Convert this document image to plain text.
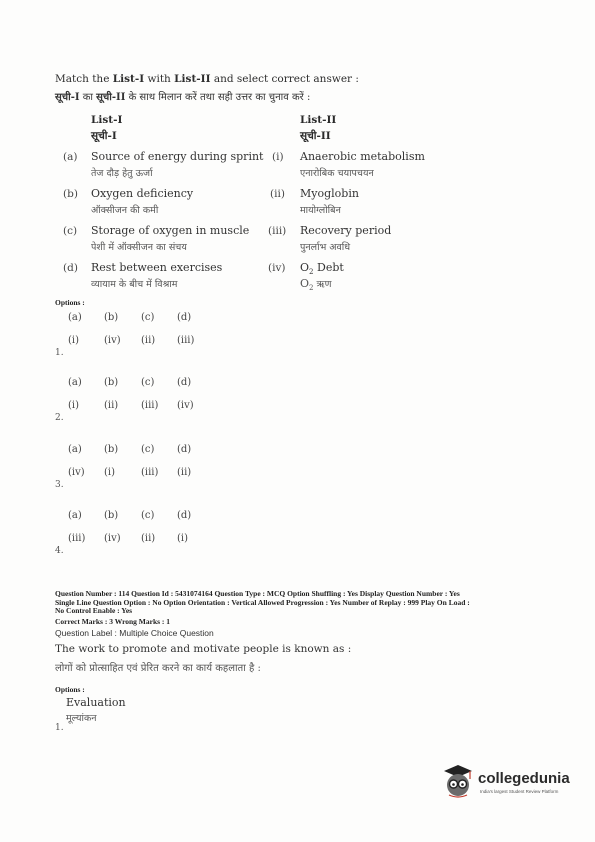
Match the List-I with List-II and select correct answer :
सूची-I का सूची-II के साथ मिलान करें तथा सही उत्तर का चुनाव करें :
List-I
सूची-I
List-II
सूची-II
(a) Source of energy during sprint
तेज दौड़ हेतु ऊर्जा
(i) Anaerobic metabolism
एनारोबिक चयापचयन
(b) Oxygen deficiency
ऑक्सीजन की कमी
(ii) Myoglobin
मायोग्लोबिन
(c) Storage of oxygen in muscle
पेशी में ऑक्सीजन का संचय
(iii) Recovery period
पुनर्लाभ अवधि
(d) Rest between exercises
व्यायाम के बीच में विश्राम
(iv) $O_2$ Debt
$O_2$ ऋण
Options :
(a) (b) (c) (d)
(i) (iv) (ii) (iii)
1.
(a) (b) (c) (d)
(i) (ii) (iii) (iv)
2.
(a) (b) (c) (d)
(iv) (i)	(iii) (ii)
3.
(a) (b) (c) (d)
(iii) (iv) (ii) (i)
4.
Question Number : 114 Question Id : 5431074164 Question Type : MCQ Option Shuffling : Yes Display Question Number : Yes
Single Line Question Option : No Option Orientation : Vertical Allowed Progression : Yes Number of Replay : 999 Play On Load :
No Control Enable : Yes
Correct Marks : 3 Wrong Marks : 1
Question Label : Multiple Choice Question
The work to promote and motivate people is known as :
लोगों को प्रोत्साहित एवं प्रेरित करने का कार्य कहलाता है :
Options :
Evaluation
मूल्यांकन
1.
collegedunia
India's largest Student Review Platform
